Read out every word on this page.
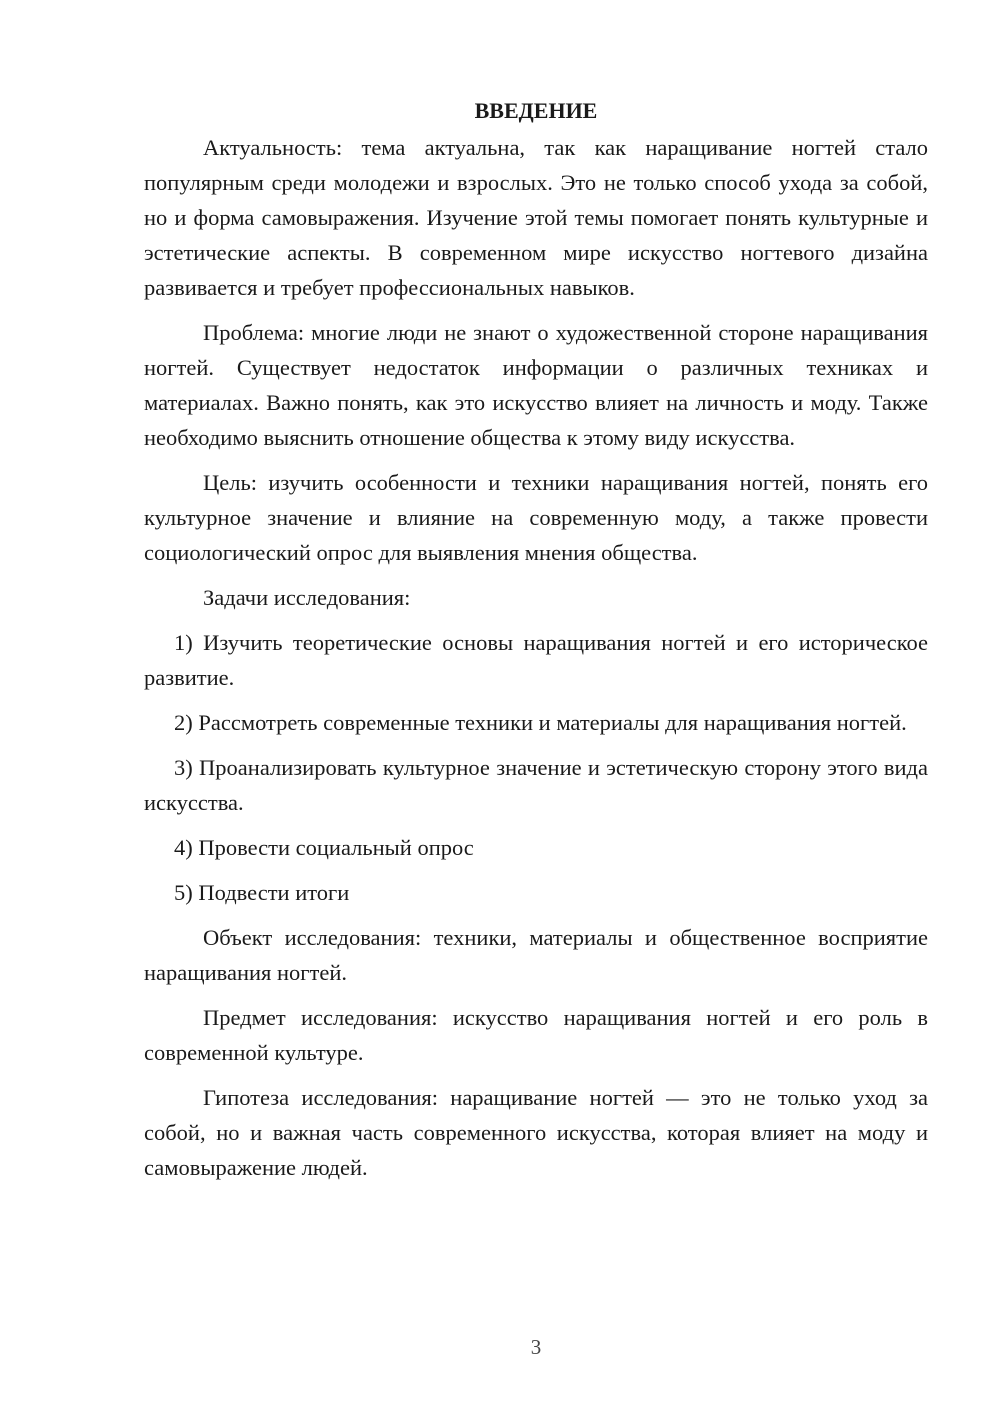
ВВЕДЕНИЕ

Актуальность: тема актуальна, так как наращивание ногтей стало популярным среди молодежи и взрослых. Это не только способ ухода за собой, но и форма самовыражения. Изучение этой темы помогает понять культурные и эстетические аспекты. В современном мире искусство ногтевого дизайна развивается и требует профессиональных навыков.

Проблема: многие люди не знают о художественной стороне наращивания ногтей. Существует недостаток информации о различных техниках и материалах. Важно понять, как это искусство влияет на личность и моду. Также необходимо выяснить отношение общества к этому виду искусства.

Цель: изучить особенности и техники наращивания ногтей, понять его культурное значение и влияние на современную моду, а также провести социологический опрос для выявления мнения общества.

Задачи исследования:

1) Изучить теоретические основы наращивания ногтей и его историческое развитие.

2) Рассмотреть современные техники и материалы для наращивания ногтей.

3) Проанализировать культурное значение и эстетическую сторону этого вида искусства.

4) Провести социальный опрос

5) Подвести итоги

Объект исследования: техники, материалы и общественное восприятие наращивания ногтей.

Предмет исследования: искусство наращивания ногтей и его роль в современной культуре.

Гипотеза исследования: наращивание ногтей — это не только уход за собой, но и важная часть современного искусства, которая влияет на моду и самовыражение людей.

3
